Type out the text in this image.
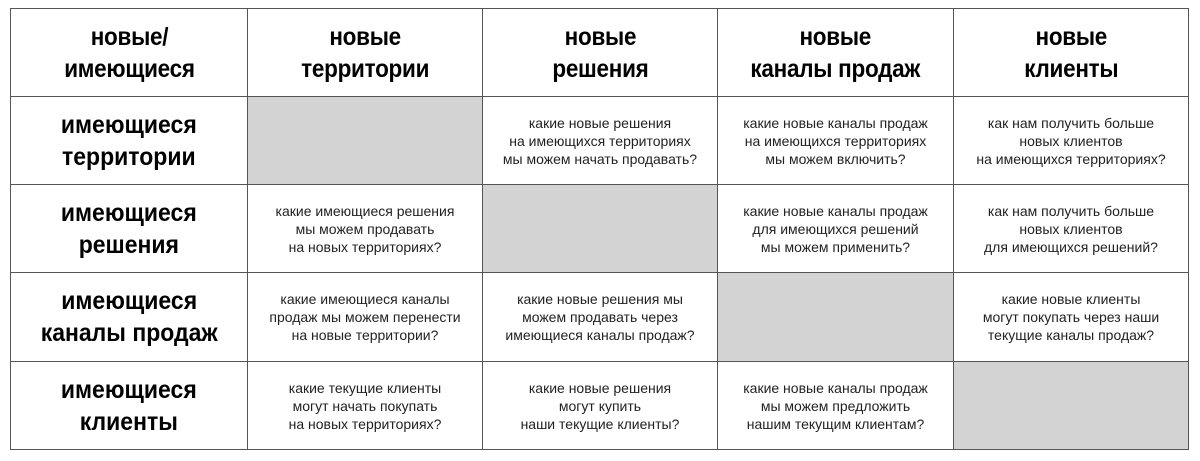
новые/
имеющиеся
новые
территории
новые
решения
новые
каналы продаж
новые
клиенты
имеющиеся
территории
какие новые решения
на имеющихся территориях
мы можем начать продавать?
какие новые каналы продаж
на имеющихся территориях
мы можем включить?
как нам получить больше
новых клиентов
на имеющихся территориях?
имеющиеся
решения
какие имеющиеся решения
мы можем продавать
на новых территориях?
какие новые каналы продаж
для имеющихся решений
мы можем применить?
как нам получить больше
новых клиентов
для имеющихся решений?
имеющиеся
каналы продаж
какие имеющиеся каналы
продаж мы можем перенести
на новые территории?
какие новые решения мы
можем продавать через
имеющиеся каналы продаж?
какие новые клиенты
могут покупать через наши
текущие каналы продаж?
имеющиеся
клиенты
какие текущие клиенты
могут начать покупать
на новых территориях?
какие новые решения
могут купить
наши текущие клиенты?
какие новые каналы продаж
мы можем предложить
нашим текущим клиентам?
